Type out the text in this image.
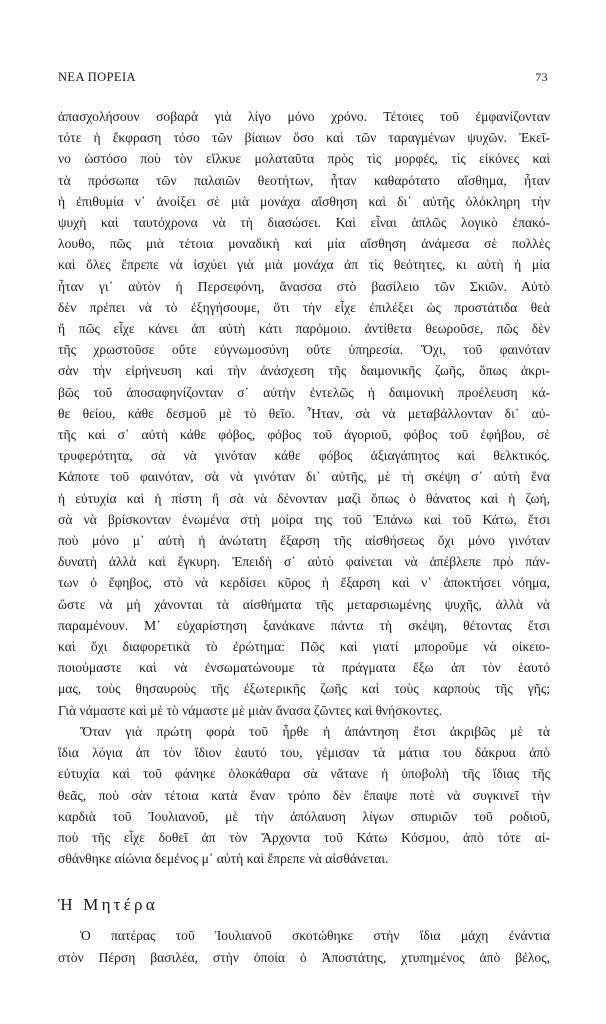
ΝΕΑ ΠΟΡΕΙΑ	73
ἀπασχολήσουν σοβαρὰ γιὰ λίγο μόνο χρόνο. Τέτοιες τοῦ ἐμφανίζονταν
τότε ἡ ἔκφραση τόσο τῶν βίαιων ὅσο καὶ τῶν ταραγμένων ψυχῶν. Ἐκεῖ-
νο ὡστόσο ποὺ τὸν εἵλκυε μολαταῦτα πρὸς τὶς μορφές, τὶς εἰκόνες καὶ
τὰ πρόσωπα τῶν παλαιῶν θεοτήτων, ἦταν καθαρότατο αἴσθημα, ἦταν
ἡ ἐπιθυμία ν᾿ ἀνοίξει σὲ μιὰ μονάχα αἴσθηση καὶ δι᾿ αὐτῆς ὁλόκληρη τὴν
ψυχὴ καὶ ταυτόχρονα νὰ τὴ διασώσει. Καὶ εἶναι ἁπλῶς λογικὸ ἐπακό-
λουθο, πῶς μιὰ τέτοια μοναδικὴ καὶ μία αἴσθηση ἀνάμεσα σὲ πολλὲς
καὶ ὅλες ἔπρεπε νὰ ἰσχύει γιὰ μιὰ μονάχα ἀπ τὶς θεότητες, κι αὐτὴ ἡ μία
ἦταν γι᾿ αὐτὸν ἡ Περσεφόνη, ἄνασσα στὸ βασίλειο τῶν Σκιῶν. Αὐτὸ
δὲν πρέπει νὰ τὸ ἐξηγήσουμε, ὅτι τὴν εἶχε ἐπιλέξει ὡς προστάτιδα θεὰ
ἤ πῶς εἶχε κάνει ἀπ αὐτὴ κάτι παρόμοιο. ἀντίθετα θεωροῦσε, πῶς δὲν
τῆς χρωστοῦσε οὔτε εὐγνωμοσύνη οὔτε ὑπηρεσία. Ὄχι, τοῦ φαινόταν
σὰν τὴν εἰρήνευση καὶ τὴν ἀνάσχεση τῆς δαιμονικῆς ζωῆς, ὅπως ἀκρι-
βῶς τοῦ ἀποσαφηνίζονταν σ᾿ αὐτὴν ἐντελῶς ἡ δαιμονικὴ προέλευση κά-
θε θείου, κάθε δεσμοῦ μὲ τὸ θεῖο. Ἦταν, σὰ νὰ μεταβάλλονταν δι᾿ αὐ-
τῆς καὶ σ᾿ αὐτὴ κάθε φόβος, φόβος τοῦ ἀγοριοῦ, φόβος τοῦ ἐφήβου, σὲ
τρυφερότητα, σὰ νὰ γινόταν κάθε φόβος ἀξιαγάπητος καὶ θελκτικός.
Κάποτε τοῦ φαινόταν, σὰ νὰ γινόταν δι᾿ αὐτῆς, μὲ τὴ σκέψη σ᾿ αὐτὴ ἕνα
ἡ εὐτυχία καὶ ἡ πίστη ἤ σὰ νὰ δένονταν μαζὶ ὅπως ὁ θάνατος καὶ ἡ ζωή,
σὰ νὰ βρίσκονταν ἑνωμένα στὴ μοίρα της τοῦ Ἐπάνω καὶ τοῦ Κάτω, ἔτσι
ποὺ μόνο μ᾿ αὐτὴ ἡ ἀνώτατη ἔξαρση τῆς αἰσθήσεως ὄχι μόνο γινόταν
δυνατὴ ἀλλὰ καὶ ἔγκυρη. Ἐπειδὴ σ᾿ αὐτὸ φαίνεται νὰ ἀπέβλεπε πρὸ πάν-
των ὁ ἔφηβος, στὸ νὰ κερδίσει κῦρος ἡ ἔξαρση καὶ ν᾿ ἀποκτήσει νόημα,
ὥστε νὰ μὴ χάνονται τὰ αἰσθήματα τῆς μεταρσιωμένης ψυχῆς, ἀλλὰ νὰ
παραμένουν. Μ᾿ εὐχαρίστηση ξανάκανε πάντα τὴ σκέψη, θέτοντας ἔτσι
καὶ ὄχι διαφορετικὰ τὸ ἐρώτημα: Πῶς καὶ γιατί μποροῦμε νὰ οἰκειο-
ποιούμαστε καὶ νὰ ἐνσωματώνουμε τὰ πράγματα ἔξω ἀπ τὸν ἑαυτό
μας, τοὺς θησαυροὺς τῆς ἐξωτερικῆς ζωῆς καὶ τοὺς καρποὺς τῆς γῆς;
Γιὰ νάμαστε καὶ μὲ τὸ νάμαστε μὲ μιὰν ἄνασα ζῶντες καὶ θνήσκοντες.
Ὅταν γιὰ πρώτη φορὰ τοῦ ἦρθε ἡ ἀπάντηση ἔτσι ἀκριβῶς μὲ τὰ
ἴδια λόγια ἀπ τὸν ἴδιον ἑαυτό του, γέμισαν τὰ μάτια του δάκρυα ἀπὸ
εὐτυχία καὶ τοῦ φάνηκε ὁλοκάθαρα σὰ νἄτανε ἡ ὑποβολὴ τῆς ἴδιας τῆς
θεᾶς, ποὺ σὰν τέτοια κατὰ ἕναν τρόπο δὲν ἔπαψε ποτὲ νὰ συγκινεῖ τὴν
καρδιὰ τοῦ Ἰουλιανοῦ, μὲ τὴν ἀπόλαυση λίγων σπυριῶν τοῦ ροδιοῦ,
ποὺ τῆς εἶχε δοθεῖ ἀπ τὸν Ἄρχοντα τοῦ Κάτω Κόσμου, ἀπὸ τότε αἰ-
σθάνθηκε αἰώνια δεμένος μ᾿ αὐτὴ καὶ ἔπρεπε νὰ αἰσθάνεται.
Ἡ Μητέρα
Ὁ πατέρας τοῦ Ἰουλιανοῦ σκοτώθηκε στὴν ἴδια μάχη ἐνάντια
στὸν Πέρση βασιλέα, στὴν ὁποία ὁ Ἀποστάτης, χτυπημένος ἀπὸ βέλος,
